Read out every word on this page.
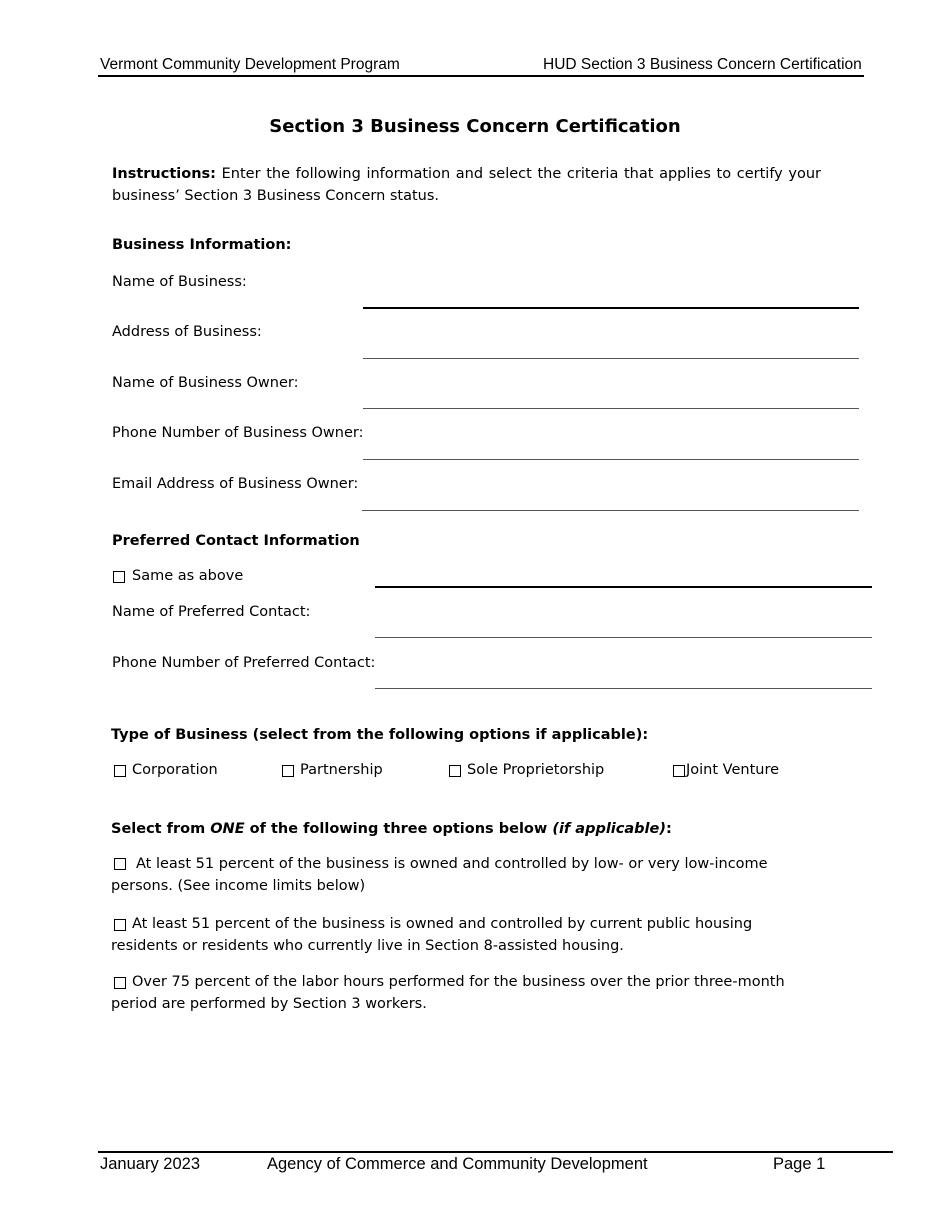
Vermont Community Development Program	HUD Section 3 Business Concern Certification
Section 3 Business Concern Certification
Instructions: Enter the following information and select the criteria that applies to certify your business’ Section 3 Business Concern status.
Business Information:
Name of Business:
Address of Business:
Name of Business Owner:
Phone Number of Business Owner:
Email Address of Business Owner:
Preferred Contact Information
Same as above
Name of Preferred Contact:
Phone Number of Preferred Contact:
Type of Business (select from the following options if applicable):
Corporation	Partnership	Sole Proprietorship	Joint Venture
Select from ONE of the following three options below (if applicable):
At least 51 percent of the business is owned and controlled by low- or very low-income
persons. (See income limits below)
At least 51 percent of the business is owned and controlled by current public housing
residents or residents who currently live in Section 8-assisted housing.
Over 75 percent of the labor hours performed for the business over the prior three-month
period are performed by Section 3 workers.
January 2023	Agency of Commerce and Community Development	Page 1
